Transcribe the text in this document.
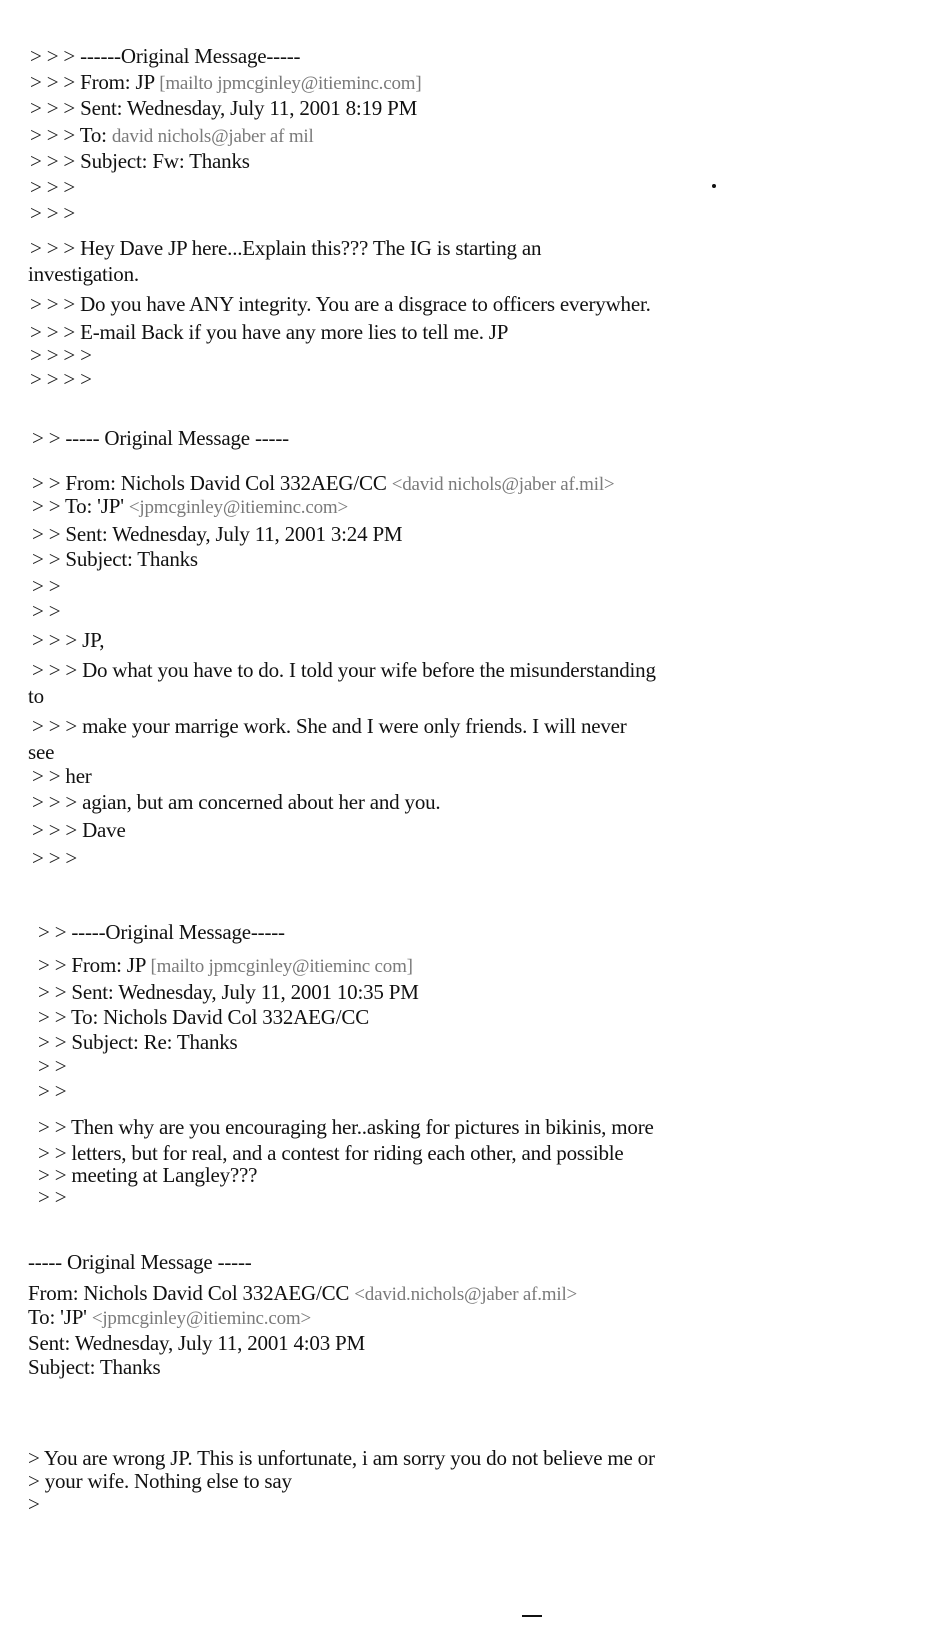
> > > ------Original Message-----
> > > From: JP [mailto jpmcginley@itieminc.com]
> > > Sent: Wednesday, July 11, 2001 8:19 PM
> > > To: david nichols@jaber af mil
> > > Subject: Fw: Thanks
> > >
> > >
> > > Hey Dave JP here...Explain this??? The IG is starting an
investigation.
> > > Do you have ANY integrity. You are a disgrace to officers everywher.
> > > E-mail Back if you have any more lies to tell me. JP
> > > >
> > > >
> > ----- Original Message -----
> > From: Nichols David Col 332AEG/CC <david nichols@jaber af.mil>
> > To: 'JP' <jpmcginley@itieminc.com>
> > Sent: Wednesday, July 11, 2001 3:24 PM
> > Subject: Thanks
> >
> >
> > > JP,
> > > Do what you have to do. I told your wife before the misunderstanding
to
> > > make your marrige work. She and I were only friends. I will never
see
> > her
> > > agian, but am concerned about her and you.
> > > Dave
> > >
> > -----Original Message-----
> > From: JP [mailto jpmcginley@itieminc com]
> > Sent: Wednesday, July 11, 2001 10:35 PM
> > To: Nichols David Col 332AEG/CC
> > Subject: Re: Thanks
> >
> >
> > Then why are you encouraging her..asking for pictures in bikinis, more
> > letters, but for real, and a contest for riding each other, and possible
> > meeting at Langley???
> >
----- Original Message -----
From: Nichols David Col 332AEG/CC <david.nichols@jaber af.mil>
To: 'JP' <jpmcginley@itieminc.com>
Sent: Wednesday, July 11, 2001 4:03 PM
Subject: Thanks
> You are wrong JP. This is unfortunate, i am sorry you do not believe me or
> your wife. Nothing else to say
>
